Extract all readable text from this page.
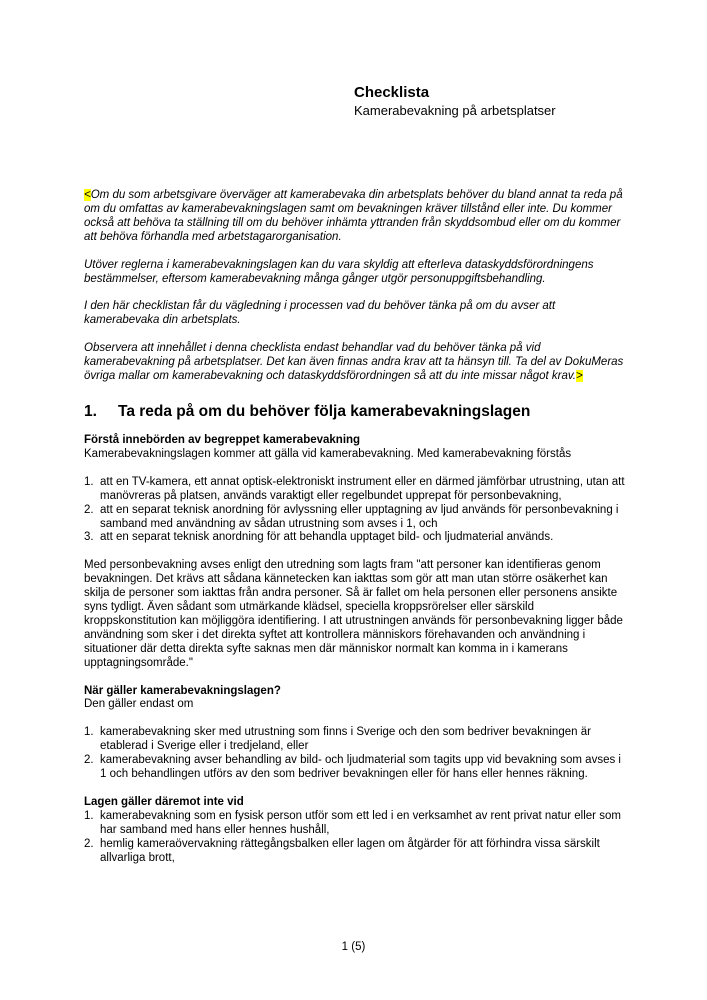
Checklista
Kamerabevakning på arbetsplatser

<Om du som arbetsgivare överväger att kamerabevaka din arbetsplats behöver du bland annat ta reda på om du omfattas av kamerabevakningslagen samt om bevakningen kräver tillstånd eller inte. Du kommer också att behöva ta ställning till om du behöver inhämta yttranden från skyddsombud eller om du kommer att behöva förhandla med arbetstagarorganisation.

Utöver reglerna i kamerabevakningslagen kan du vara skyldig att efterleva dataskyddsförordningens bestämmelser, eftersom kamerabevakning många gånger utgör personuppgiftsbehandling.

I den här checklistan får du vägledning i processen vad du behöver tänka på om du avser att kamerabevaka din arbetsplats.

Observera att innehållet i denna checklista endast behandlar vad du behöver tänka på vid kamerabevakning på arbetsplatser. Det kan även finnas andra krav att ta hänsyn till. Ta del av DokuMeras övriga mallar om kamerabevakning och dataskyddsförordningen så att du inte missar något krav.>

1.	Ta reda på om du behöver följa kamerabevakningslagen

Förstå innebörden av begreppet kamerabevakning

Kamerabevakningslagen kommer att gälla vid kamerabevakning. Med kamerabevakning förstås

1. att en TV-kamera, ett annat optisk-elektroniskt instrument eller en därmed jämförbar utrustning, utan att manövreras på platsen, används varaktigt eller regelbundet upprepat för personbevakning,
2. att en separat teknisk anordning för avlyssning eller upptagning av ljud används för personbevakning i samband med användning av sådan utrustning som avses i 1, och
3. att en separat teknisk anordning för att behandla upptaget bild- och ljudmaterial används.

Med personbevakning avses enligt den utredning som lagts fram "att personer kan identifieras genom bevakningen. Det krävs att sådana kännetecken kan iakttas som gör att man utan större osäkerhet kan skilja de personer som iakttas från andra personer. Så är fallet om hela personen eller personens ansikte syns tydligt. Även sådant som utmärkande klädsel, speciella kroppsrörelser eller särskild kroppskonstitution kan möjliggöra identifiering. I att utrustningen används för personbevakning ligger både användning som sker i det direkta syftet att kontrollera människors förehavanden och användning i situationer där detta direkta syfte saknas men där människor normalt kan komma in i kamerans upptagningsområde."

När gäller kamerabevakningslagen?

Den gäller endast om

1. kamerabevakning sker med utrustning som finns i Sverige och den som bedriver bevakningen är etablerad i Sverige eller i tredjeland, eller
2. kamerabevakning avser behandling av bild- och ljudmaterial som tagits upp vid bevakning som avses i 1 och behandlingen utförs av den som bedriver bevakningen eller för hans eller hennes räkning.

Lagen gäller däremot inte vid

1. kamerabevakning som en fysisk person utför som ett led i en verksamhet av rent privat natur eller som har samband med hans eller hennes hushåll,
2. hemlig kameraövervakning rättegångsbalken eller lagen om åtgärder för att förhindra vissa särskilt allvarliga brott,
1 (5)
